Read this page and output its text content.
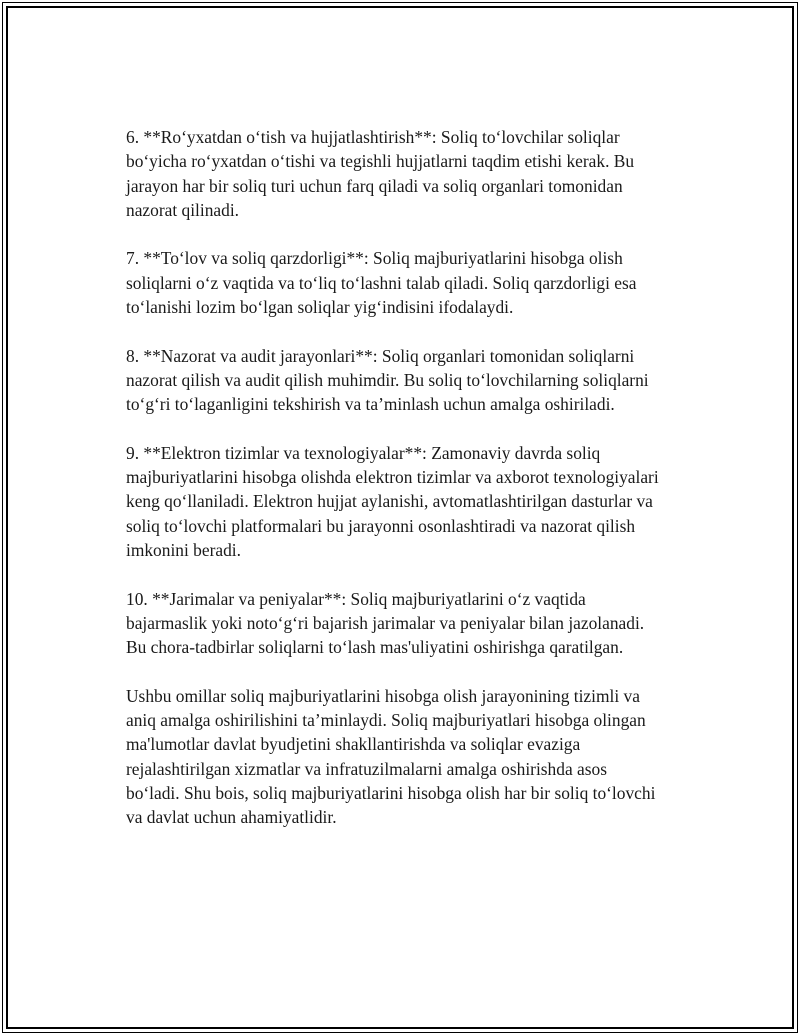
6. **Ro‘yxatdan o‘tish va hujjatlashtirish**: Soliq to‘lovchilar soliqlar
bo‘yicha ro‘yxatdan o‘tishi va tegishli hujjatlarni taqdim etishi kerak. Bu
jarayon har bir soliq turi uchun farq qiladi va soliq organlari tomonidan
nazorat qilinadi.

7. **To‘lov va soliq qarzdorligi**: Soliq majburiyatlarini hisobga olish
soliqlarni o‘z vaqtida va to‘liq to‘lashni talab qiladi. Soliq qarzdorligi esa
to‘lanishi lozim bo‘lgan soliqlar yig‘indisini ifodalaydi.

8. **Nazorat va audit jarayonlari**: Soliq organlari tomonidan soliqlarni
nazorat qilish va audit qilish muhimdir. Bu soliq to‘lovchilarning soliqlarni
to‘g‘ri to‘laganligini tekshirish va ta’minlash uchun amalga oshiriladi.

9. **Elektron tizimlar va texnologiyalar**: Zamonaviy davrda soliq
majburiyatlarini hisobga olishda elektron tizimlar va axborot texnologiyalari
keng qo‘llaniladi. Elektron hujjat aylanishi, avtomatlashtirilgan dasturlar va
soliq to‘lovchi platformalari bu jarayonni osonlashtiradi va nazorat qilish
imkonini beradi.

10. **Jarimalar va peniyalar**: Soliq majburiyatlarini o‘z vaqtida
bajarmaslik yoki noto‘g‘ri bajarish jarimalar va peniyalar bilan jazolanadi.
Bu chora-tadbirlar soliqlarni to‘lash mas'uliyatini oshirishga qaratilgan.

Ushbu omillar soliq majburiyatlarini hisobga olish jarayonining tizimli va
aniq amalga oshirilishini ta’minlaydi. Soliq majburiyatlari hisobga olingan
ma'lumotlar davlat byudjetini shakllantirishda va soliqlar evaziga
rejalashtirilgan xizmatlar va infratuzilmalarni amalga oshirishda asos
bo‘ladi. Shu bois, soliq majburiyatlarini hisobga olish har bir soliq to‘lovchi
va davlat uchun ahamiyatlidir.
